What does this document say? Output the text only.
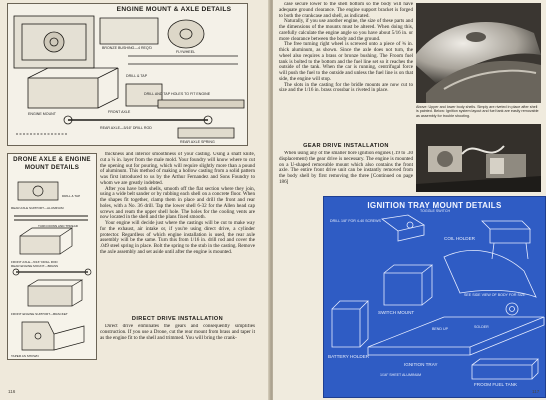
ENGINE MOUNT & AXLE DETAILS
BRONZE BUSHING—4 REQ'D
FLYWHEEL
ENGINE MOUNT	FRONT AXLE
REAR AXLE—5/16" DRILL ROD
REAR AXLE SPRING
DRILL & TAP
DRILL AND TAP HOLES TO FIT ENGINE
DRONE AXLE & ENGINE MOUNT DETAILS
REAR AXLE SUPPORT—ALUMINUM
FRONT AXLE—5/16" DRILL ROD
REAR ENGINE MOUNT—BRASS
FRONT ENGINE SUPPORT—BRACKET
TAPER AS SHOWN
DRILL & TAP
TURN DOWN AND THREAD

thickness and interior smoothness of your casting. Using a shaft knife, cut a ¼ in. layer from the male mold. Your foundry will know where to cut the opening out for pouring, which will require slightly more than a pound of aluminum. This method of making a hollow casting from a solid pattern was first introduced to us by the Arthur Fernandez and Sons Foundry to whom we are greatly indebted.

After you have both shells, smooth off the flat section where they join, using a wide belt sander or by rubbing each shell on a concrete floor. When the shapes fit together, clamp them in place and drill the front and rear holes, with a No. 36 drill. Tap the lower shell 6-32 for the Allen head cap screws and ream the upper shell hole. The holes for the cooling vents are now located in the shell and the plans fixed smooth.

Your engine will decide just where the castings will be cut to make way for the exhaust, air intake or, if you're using direct drive, a cylinder protector. Regardless of which engine installation is used, the rear axle assembly will be the same. Turn this from 1/16 in. drill rod and cover the .049 steel spring in place. Bolt the spring to the stub in the casting. Remove the axle assembly and set aside until after the engine is mounted.

DIRECT DRIVE INSTALLATION

Direct drive eliminates the gears and consequently simplifies construction. If you use a Drone, cut the rear mount from brass and taper it as the engine fit to the shell and trimmed. You will bring the crank-

116

case secure lower to the shell bottom so the body will have adequate ground clearance. The engine support bracket is forged to both the crankcase and shell, as indicated.

Naturally, if you use another engine, the size of these parts and the dimensions of the mounts must be altered. When doing this, carefully calculate the engine angle so you have about 5/16 in. or more clearance between the body and the ground.

The free turning right wheel is screwed onto a piece of ¾ in. thick aluminum, as shown. Since the axle does not turn, the wheel also requires a brass or bronze bushing. The Froom fuel tank is bolted to the bottom and the fuel line set so it reaches the outside of the tank. When the car is running, centrifugal force will push the fuel to the outside and unless the fuel line is on that side, the engine will stop.

The slots in the casting for the bridle mounts are now cut to size and the 1/16 in. brass crossbar is riveted in place.

GEAR DRIVE INSTALLATION

When using any of the smaller bore ignition engines (.19 to .30 displacement) the gear drive is necessary. The engine is mounted on a U-shaped removable mount which also contains the front axle. The entire front drive unit can be instantly removed from the body shell by first removing the three [Continued on page 186]

Above: Upper and lower body shells. Simply are riveted in place after shell is painted. Below: Ignition system layout and fuel tank are easily removable as assembly for trouble shooting.
IGNITION TRAY MOUNT DETAILS
DRILL 1/8" FOR 4-40 SCREWS
TOGGLE SWITCH
COIL HOLDER
SWITCH MOUNT
BATTERY HOLDER
IGNITION TRAY
FROOM FUEL TANK
SOLDER
BEND UP
1/16" SHEET ALUMINUM
SEE SIDE VIEW OF BODY FOR SIZE
117
